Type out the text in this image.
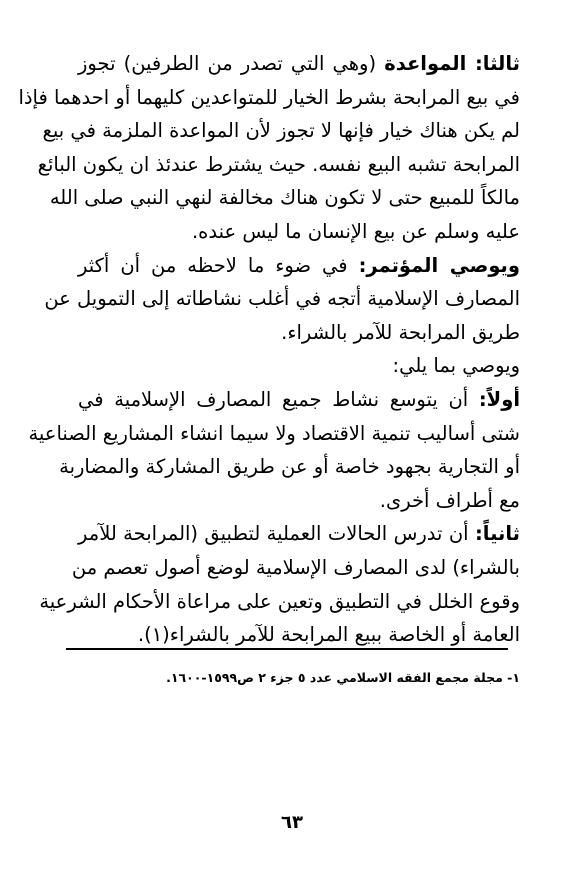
ثالثا: المواعدة (وهي التي تصدر من الطرفين) تجوز
في بيع المرابحة بشرط الخيار للمتواعدين كليهما أو احدهما فإذا
لم يكن هناك خيار فإنها لا تجوز لأن المواعدة الملزمة في بيع
المرابحة تشبه البيع نفسه. حيث يشترط عندئذ ان يكون البائع
مالكاً للمبيع حتى لا تكون هناك مخالفة لنهي النبي صلى الله
عليه وسلم عن بيع الإنسان ما ليس عنده.
ويوصي المؤتمر: في ضوء ما لاحظه من أن أكثر
المصارف الإسلامية أتجه في أغلب نشاطاته إلى التمويل عن
طريق المرابحة للآمر بالشراء.
ويوصي بما يلي:
أولاً: أن يتوسع نشاط جميع المصارف الإسلامية في
شتى أساليب تنمية الاقتصاد ولا سيما انشاء المشاريع الصناعية
أو التجارية بجهود خاصة أو عن طريق المشاركة والمضاربة
مع أطراف أخرى.
ثانياً: أن تدرس الحالات العملية لتطبيق (المرابحة للآمر
بالشراء) لدى المصارف الإسلامية لوضع أصول تعصم من
وقوع الخلل في التطبيق وتعين على مراعاة الأحكام الشرعية
العامة أو الخاصة ببيع المرابحة للآمر بالشراء(١).
١- مجلة مجمع الفقه الاسلامي عدد ٥ جزء ٢ ص١٥٩٩-١٦٠٠.
٦٣
